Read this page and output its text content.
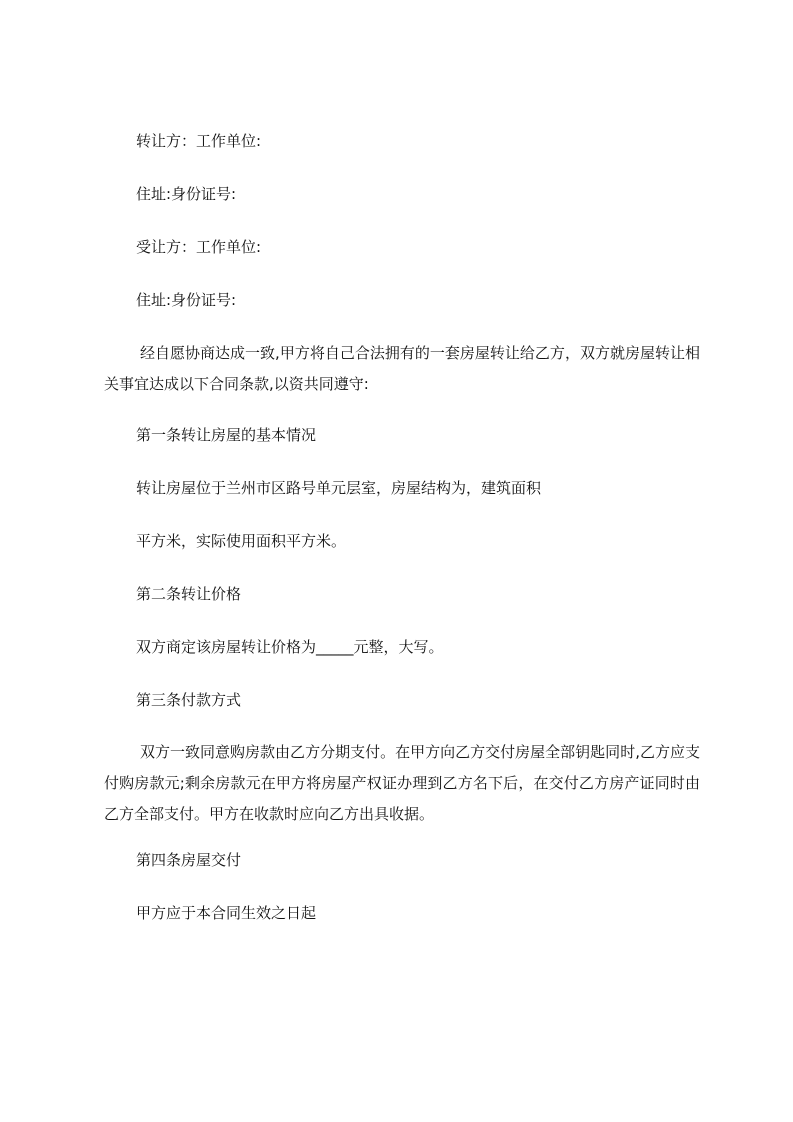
转让方：工作单位:
住址:身份证号:
受让方：工作单位:
住址:身份证号:
经自愿协商达成一致,甲方将自己合法拥有的一套房屋转让给乙方，双方就房屋转让相关事宜达成以下合同条款,以资共同遵守:
第一条转让房屋的基本情况
转让房屋位于兰州市区路号单元层室，房屋结构为，建筑面积
平方米，实际使用面积平方米。
第二条转让价格
双方商定该房屋转让价格为_____元整，大写。
第三条付款方式
双方一致同意购房款由乙方分期支付。在甲方向乙方交付房屋全部钥匙同时,乙方应支付购房款元;剩余房款元在甲方将房屋产权证办理到乙方名下后，在交付乙方房产证同时由乙方全部支付。甲方在收款时应向乙方出具收据。
第四条房屋交付
甲方应于本合同生效之日起
